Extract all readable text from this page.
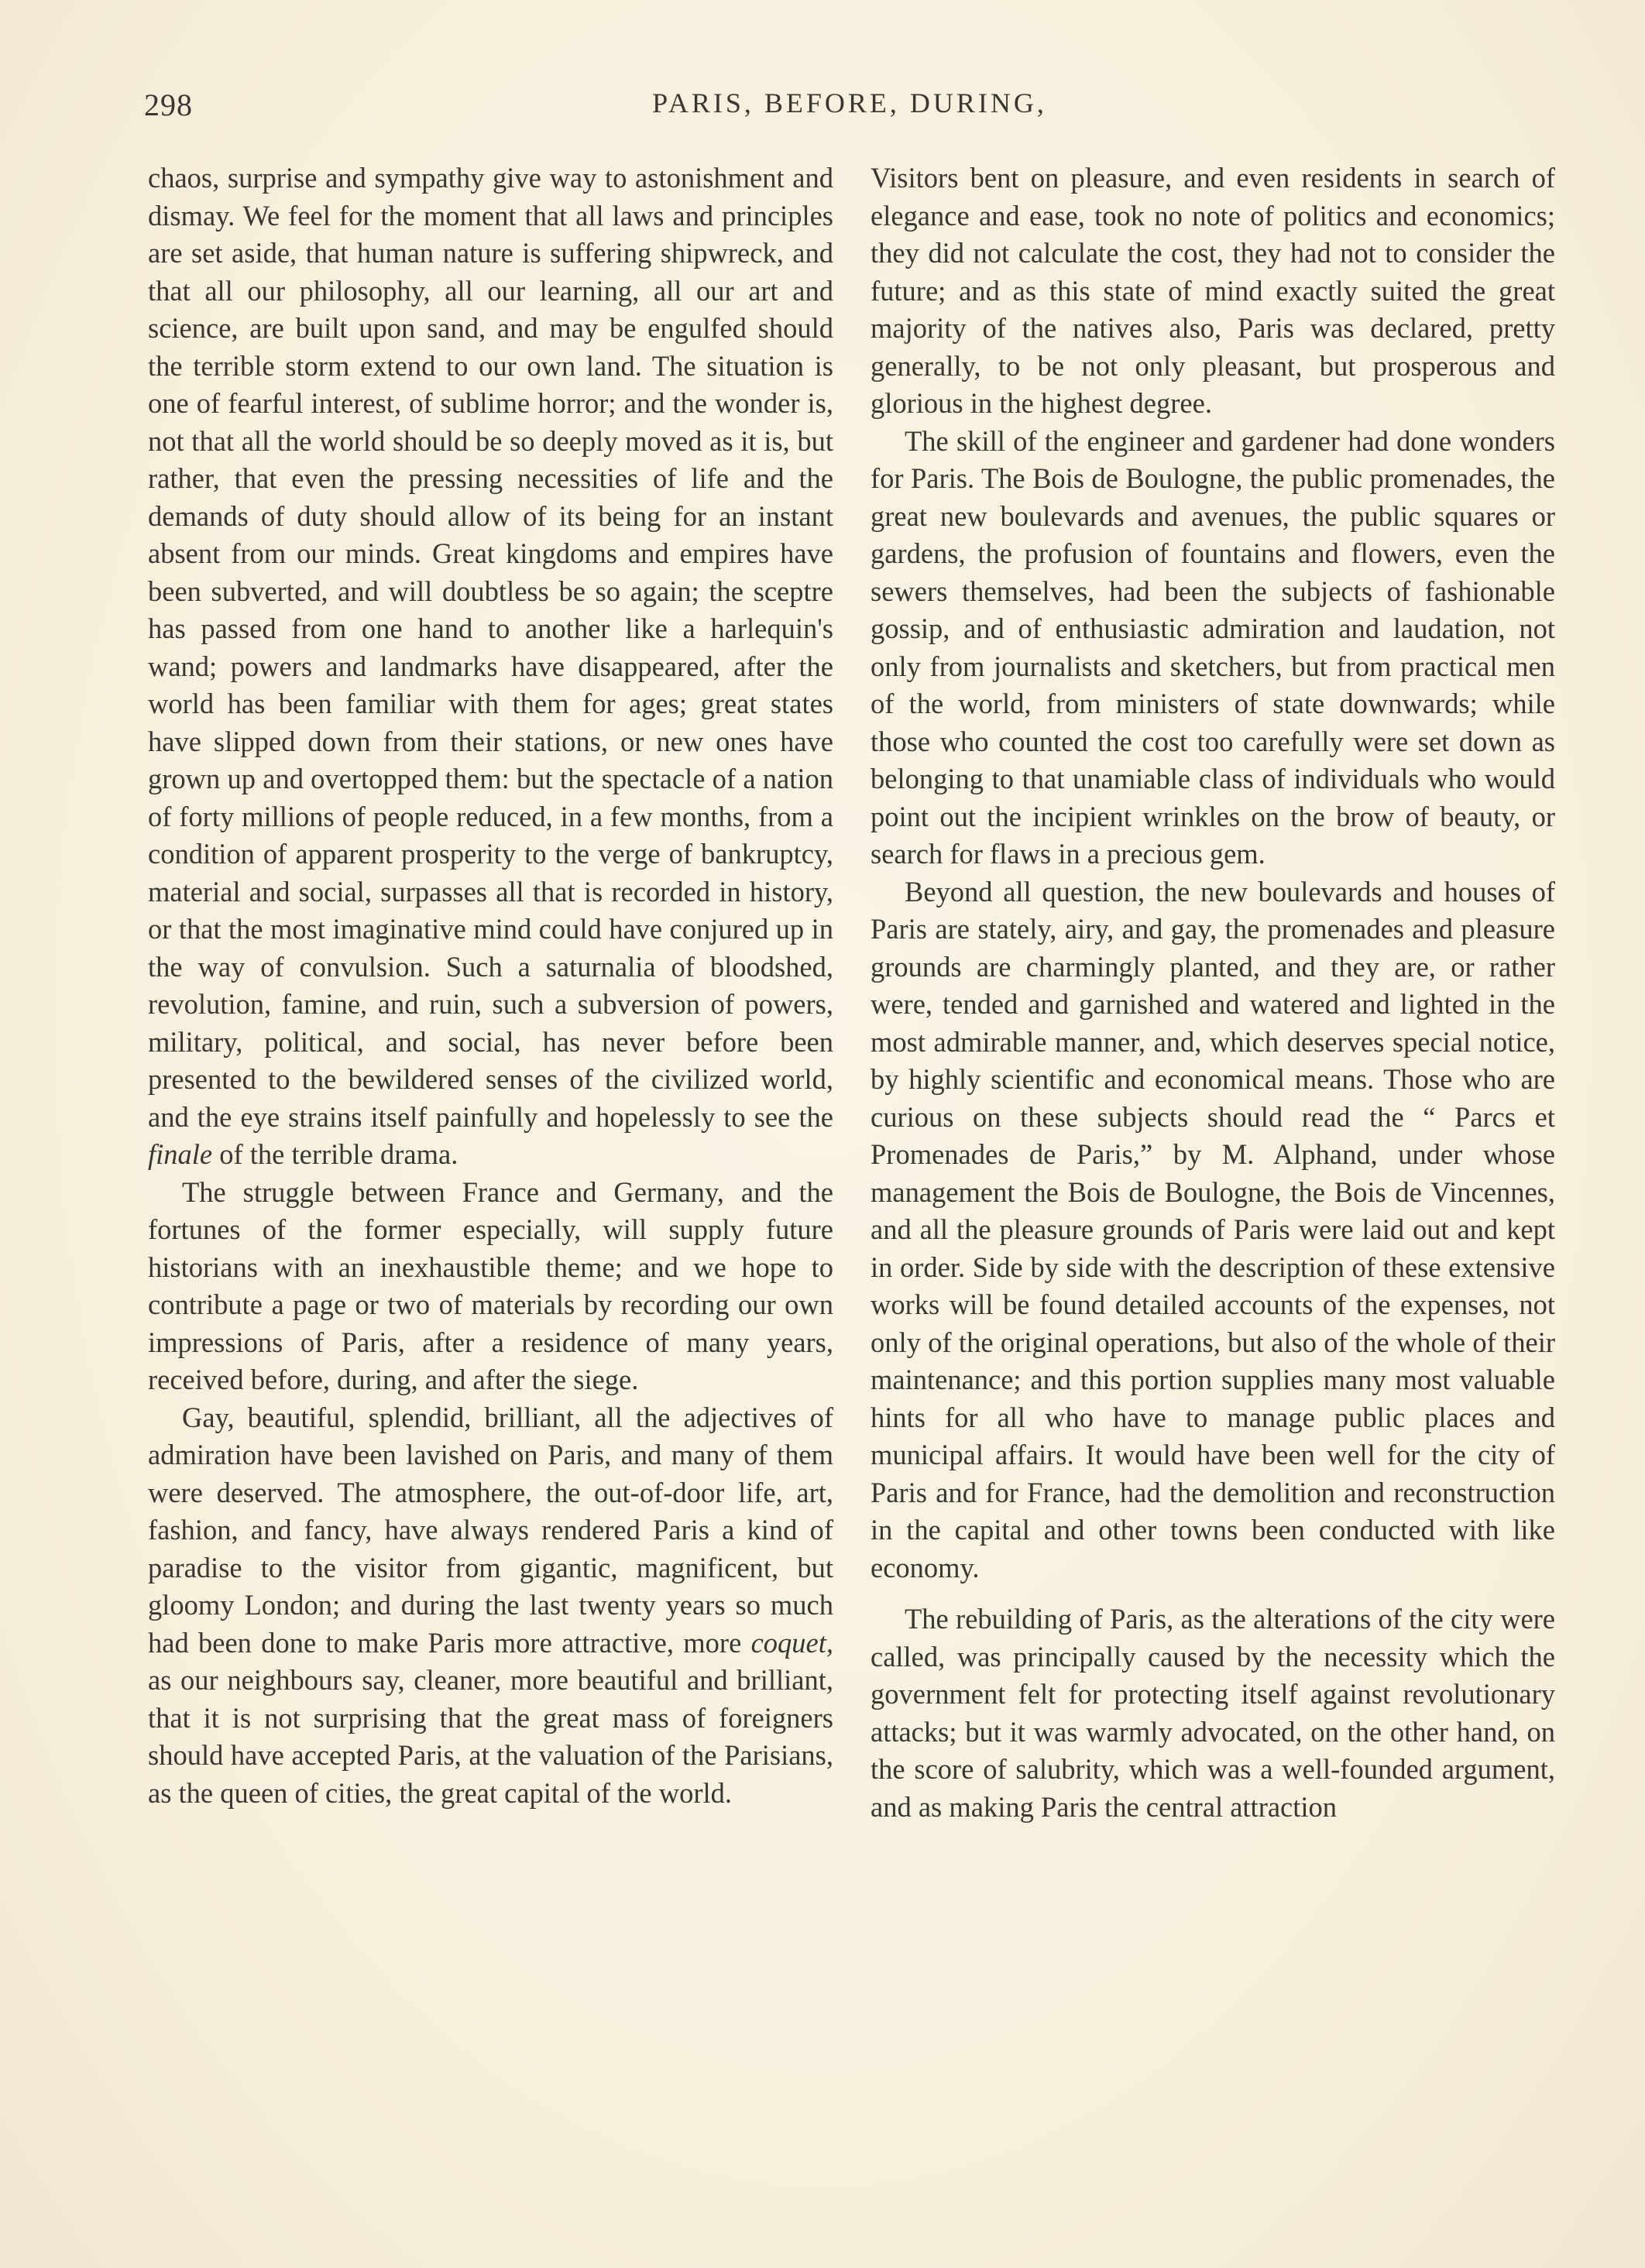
298	PARIS, BEFORE, DURING,

chaos, surprise and sympathy give way to astonishment and dismay. We feel for the moment that all laws and principles are set aside, that human nature is suffering shipwreck, and that all our philosophy, all our learning, all our art and science, are built upon sand, and may be engulfed should the terrible storm extend to our own land. The situation is one of fearful interest, of sublime horror; and the wonder is, not that all the world should be so deeply moved as it is, but rather, that even the pressing necessities of life and the demands of duty should allow of its being for an instant absent from our minds. Great kingdoms and empires have been subverted, and will doubtless be so again; the sceptre has passed from one hand to another like a harlequin's wand; powers and landmarks have disappeared, after the world has been familiar with them for ages; great states have slipped down from their stations, or new ones have grown up and overtopped them: but the spectacle of a nation of forty millions of people reduced, in a few months, from a condition of apparent prosperity to the verge of bankruptcy, material and social, surpasses all that is recorded in history, or that the most imaginative mind could have conjured up in the way of convulsion. Such a saturnalia of bloodshed, revolution, famine, and ruin, such a subversion of powers, military, political, and social, has never before been presented to the bewildered senses of the civilized world, and the eye strains itself painfully and hopelessly to see the finale of the terrible drama.

The struggle between France and Germany, and the fortunes of the former especially, will supply future historians with an inexhaustible theme; and we hope to contribute a page or two of materials by recording our own impressions of Paris, after a residence of many years, received before, during, and after the siege.

Gay, beautiful, splendid, brilliant, all the adjectives of admiration have been lavished on Paris, and many of them were deserved. The atmosphere, the out-of-door life, art, fashion, and fancy, have always rendered Paris a kind of paradise to the visitor from gigantic, magnificent, but gloomy London; and during the last twenty years so much had been done to make Paris more attractive, more coquet, as our neighbours say, cleaner, more beautiful and brilliant, that it is not surprising that the great mass of foreigners should have accepted Paris, at the valuation of the Parisians, as the queen of cities, the great capital of the world.

Visitors bent on pleasure, and even residents in search of elegance and ease, took no note of politics and economics; they did not calculate the cost, they had not to consider the future; and as this state of mind exactly suited the great majority of the natives also, Paris was declared, pretty generally, to be not only pleasant, but prosperous and glorious in the highest degree.

The skill of the engineer and gardener had done wonders for Paris. The Bois de Boulogne, the public promenades, the great new boulevards and avenues, the public squares or gardens, the profusion of fountains and flowers, even the sewers themselves, had been the subjects of fashionable gossip, and of enthusiastic admiration and laudation, not only from journalists and sketchers, but from practical men of the world, from ministers of state downwards; while those who counted the cost too carefully were set down as belonging to that unamiable class of individuals who would point out the incipient wrinkles on the brow of beauty, or search for flaws in a precious gem.

Beyond all question, the new boulevards and houses of Paris are stately, airy, and gay, the promenades and pleasure grounds are charmingly planted, and they are, or rather were, tended and garnished and watered and lighted in the most admirable manner, and, which deserves special notice, by highly scientific and economical means. Those who are curious on these subjects should read the “ Parcs et Promenades de Paris,” by M. Alphand, under whose management the Bois de Boulogne, the Bois de Vincennes, and all the pleasure grounds of Paris were laid out and kept in order. Side by side with the description of these extensive works will be found detailed accounts of the expenses, not only of the original operations, but also of the whole of their maintenance; and this portion supplies many most valuable hints for all who have to manage public places and municipal affairs. It would have been well for the city of Paris and for France, had the demolition and reconstruction in the capital and other towns been conducted with like economy.

The rebuilding of Paris, as the alterations of the city were called, was principally caused by the necessity which the government felt for protecting itself against revolutionary attacks; but it was warmly advocated, on the other hand, on the score of salubrity, which was a well-founded argument, and as making Paris the central attraction
